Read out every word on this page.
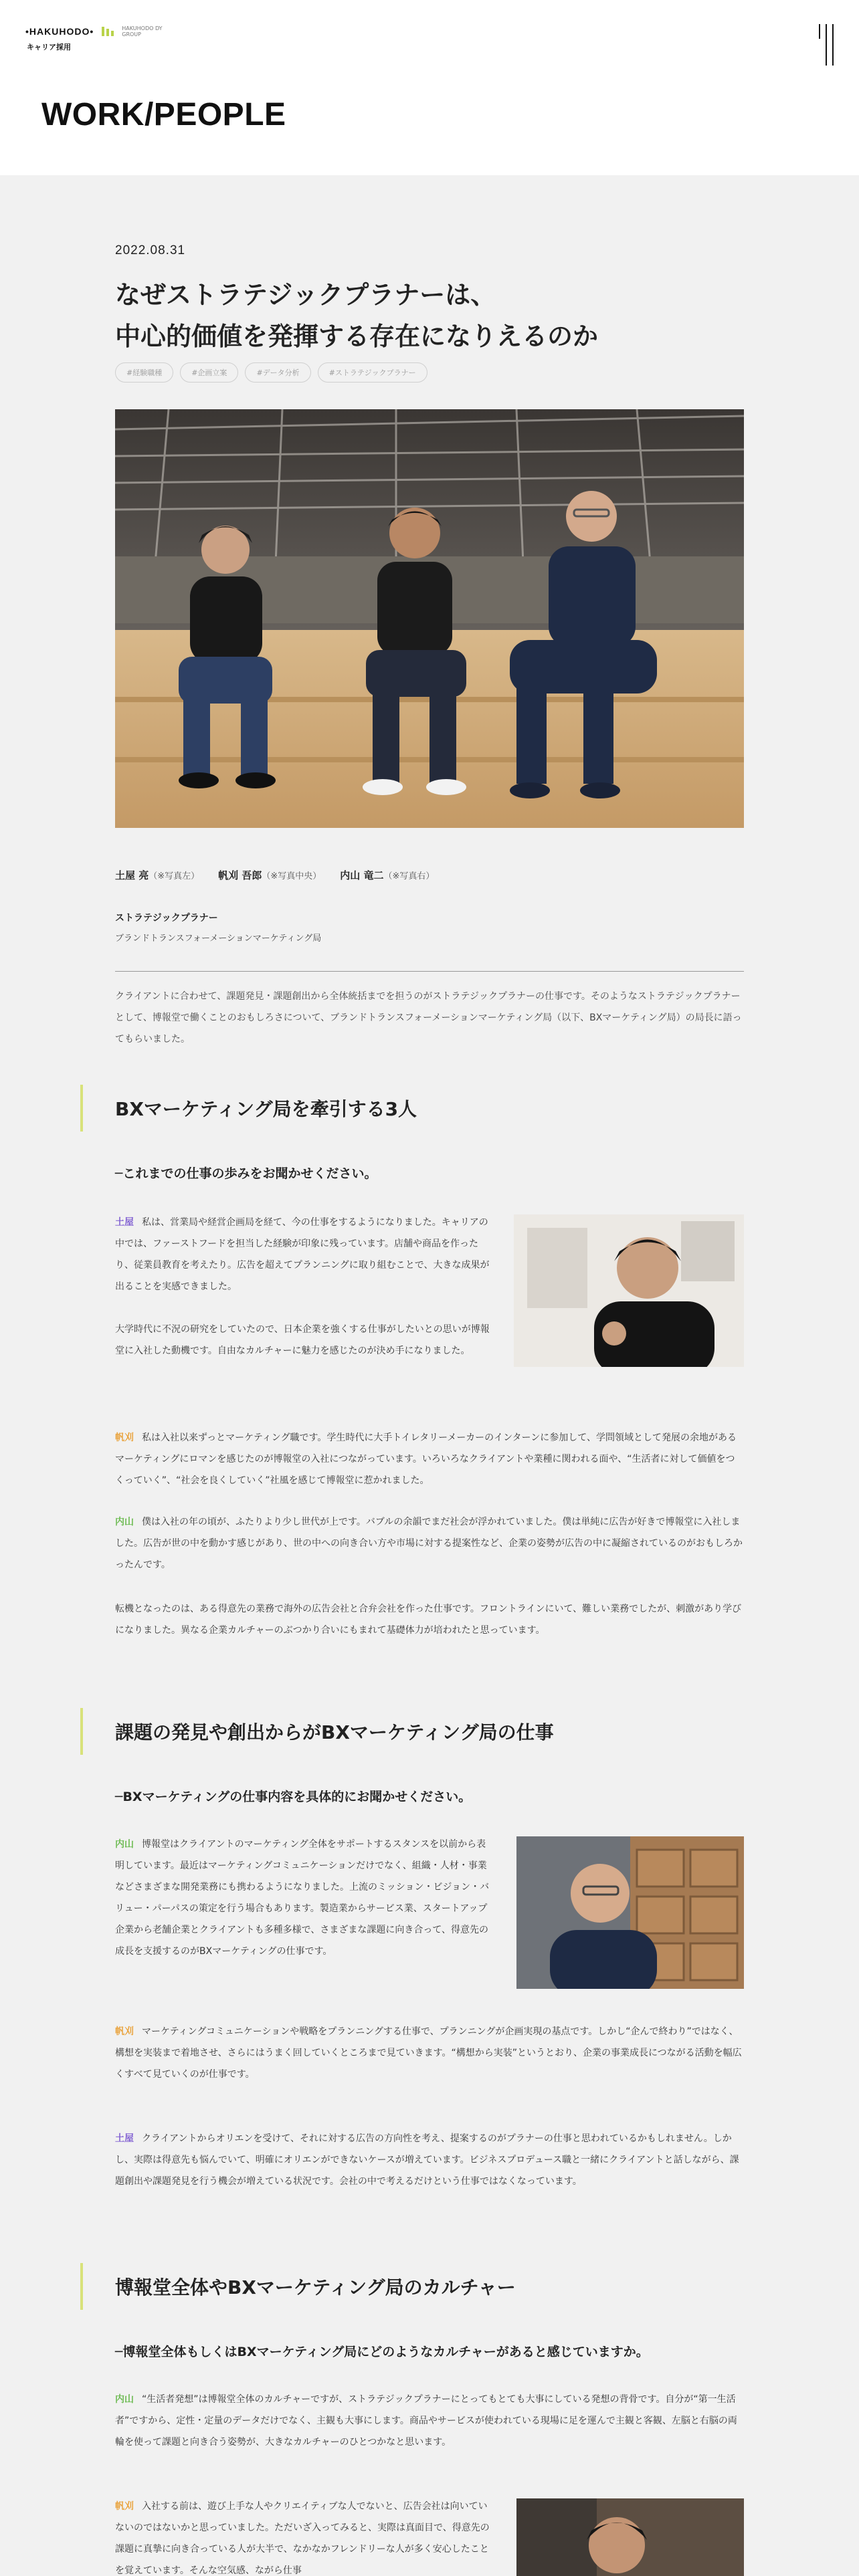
•HAKUHODO•	HAKUHODO DY GROUP
キャリア採用
WORK/PEOPLE
2022.08.31
なぜストラテジックプラナーは、
中心的価値を発揮する存在になりえるのか
#経験職種	#企画立案	#データ分析	#ストラテジックプラナー
土屋 亮（※写真左） 帆刈 吾郎（※写真中央） 内山 竜二（※写真右）
ストラテジックプラナー
ブランドトランスフォーメーションマーケティング局

クライアントに合わせて、課題発見・課題創出から全体統括までを担うのがストラテジックプラナーの仕事です。そのようなストラテジックプラナーとして、博報堂で働くことのおもしろさについて、ブランドトランスフォーメーションマーケティング局（以下、BXマーケティング局）の局長に語ってもらいました。

BXマーケティング局を牽引する3人
─これまでの仕事の歩みをお聞かせください。

土屋 私は、営業局や経営企画局を経て、今の仕事をするようになりました。キャリアの中では、ファーストフードを担当した経験が印象に残っています。店舗や商品を作ったり、従業員教育を考えたり。広告を超えてプランニングに取り組むことで、大きな成果が出ることを実感できました。

大学時代に不況の研究をしていたので、日本企業を強くする仕事がしたいとの思いが博報堂に入社した動機です。自由なカルチャーに魅力を感じたのが決め手になりました。

帆刈 私は入社以来ずっとマーケティング職です。学生時代に大手トイレタリーメーカーのインターンに参加して、学問領域として発展の余地があるマーケティングにロマンを感じたのが博報堂の入社につながっています。いろいろなクライアントや業種に関われる面や、“生活者に対して価値をつくっていく”、“社会を良くしていく”社風を感じて博報堂に惹かれました。

内山 僕は入社の年の頃が、ふたりより少し世代が上です。バブルの余韻でまだ社会が浮かれていました。僕は単純に広告が好きで博報堂に入社しました。広告が世の中を動かす感じがあり、世の中への向き合い方や市場に対する提案性など、企業の姿勢が広告の中に凝縮されているのがおもしろかったんです。

転機となったのは、ある得意先の業務で海外の広告会社と合弁会社を作った仕事です。フロントラインにいて、難しい業務でしたが、刺激があり学びになりました。異なる企業カルチャーのぶつかり合いにもまれて基礎体力が培われたと思っています。

課題の発見や創出からがBXマーケティング局の仕事
─BXマーケティングの仕事内容を具体的にお聞かせください。

内山 博報堂はクライアントのマーケティング全体をサポートするスタンスを以前から表明しています。最近はマーケティングコミュニケーションだけでなく、組織・人材・事業などさまざまな開発業務にも携わるようになりました。上流のミッション・ビジョン・バリュー・パーパスの策定を行う場合もあります。製造業からサービス業、スタートアップ企業から老舗企業とクライアントも多種多様で、さまざまな課題に向き合って、得意先の成長を支援するのがBXマーケティングの仕事です。

帆刈 マーケティングコミュニケーションや戦略をプランニングする仕事で、プランニングが企画実現の基点です。しかし“企んで終わり”ではなく、構想を実装まで着地させ、さらにはうまく回していくところまで見ていきます。“構想から実装”というとおり、企業の事業成長につながる活動を幅広くすべて見ていくのが仕事です。

土屋 クライアントからオリエンを受けて、それに対する広告の方向性を考え、提案するのがプラナーの仕事と思われているかもしれません。しかし、実際は得意先も悩んでいて、明確にオリエンができないケースが増えています。ビジネスプロデュース職と一緒にクライアントと話しながら、課題創出や課題発見を行う機会が増えている状況です。会社の中で考えるだけという仕事ではなくなっています。

博報堂全体やBXマーケティング局のカルチャー
─博報堂全体もしくはBXマーケティング局にどのようなカルチャーがあると感じていますか。

内山 “生活者発想”は博報堂全体のカルチャーですが、ストラテジックプラナーにとってもとても大事にしている発想の背骨です。自分が“第一生活者”ですから、定性・定量のデータだけでなく、主観も大事にします。商品やサービスが使われている現場に足を運んで主観と客観、左脳と右脳の両輪を使って課題と向き合う姿勢が、大きなカルチャーのひとつかなと思います。

帆刈 入社する前は、遊び上手な人やクリエイティブな人でないと、広告会社は向いていないのではないかと思っていました。ただいざ入ってみると、実際は真面目で、得意先の課題に真摯に向き合っている人が大半で、なかなかフレンドリーな人が多く安心したことを覚えています。そんな空気感、ながら仕事
